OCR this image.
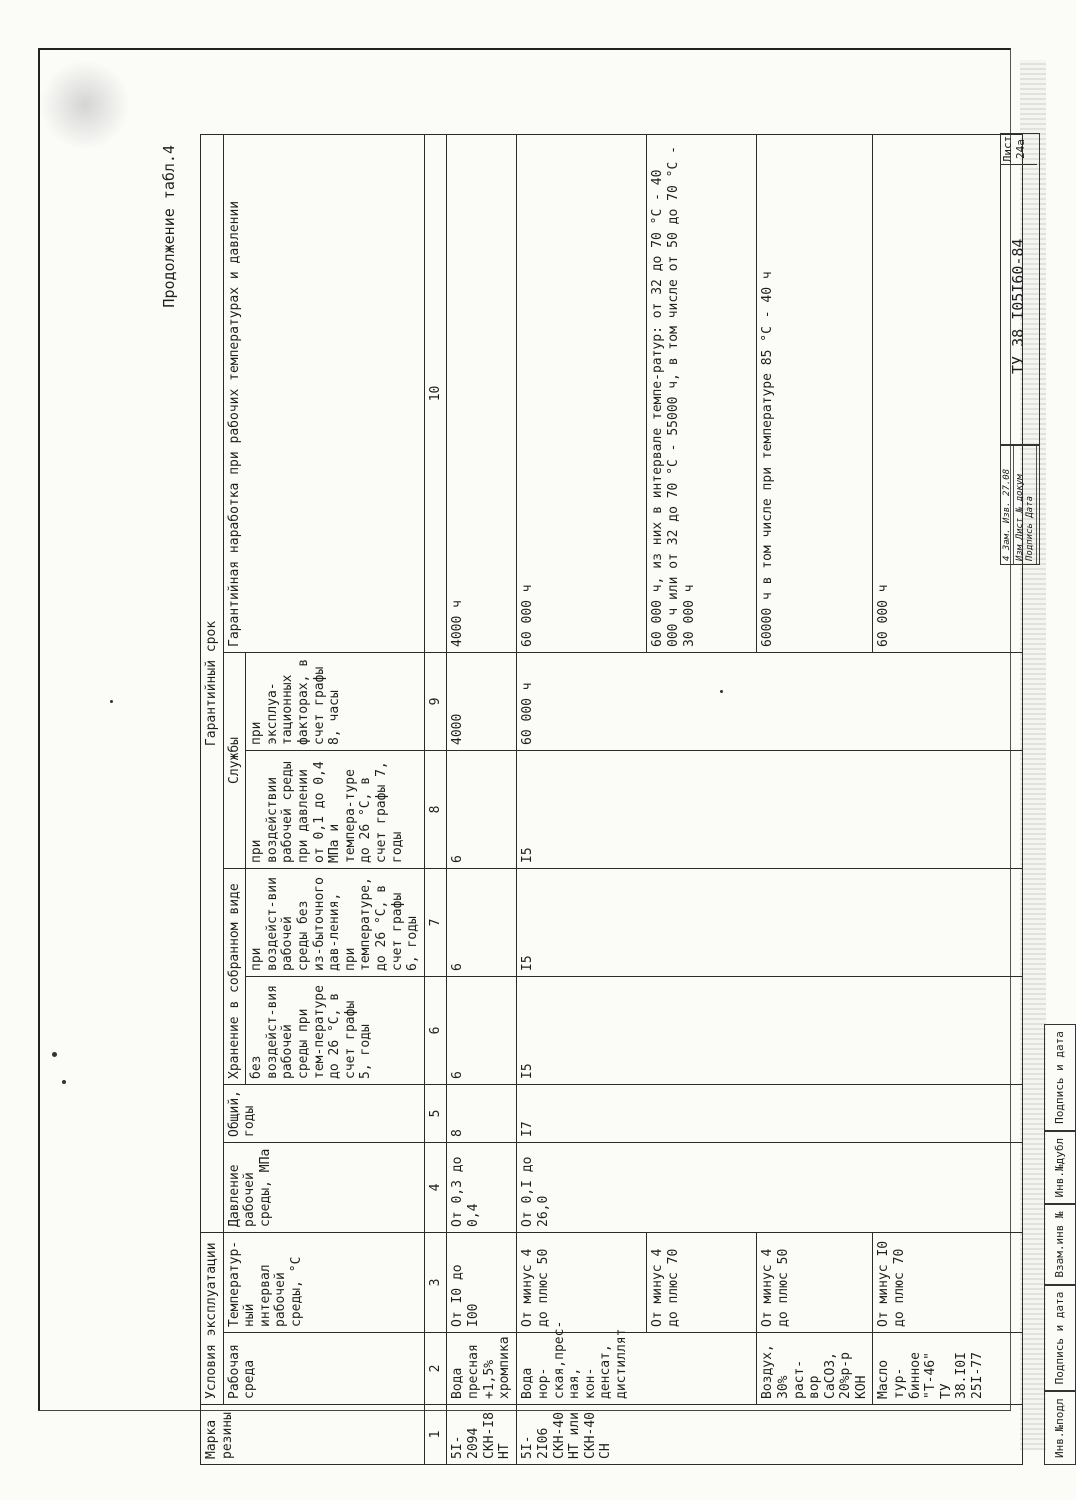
Продолжение табл.4
Марка резины	Условия эксплуатации		Гарантийный срок						
	Рабочая среда	Температур-ный интервал рабочей среды, °С	Давление рабочей среды, МПа	Общий, годы	Хранение в собранном виде		Службы		Гарантийная наработка при рабочих температурах и давлении
					без воздейст-вия рабочей среды при тем-пературе до 26 °С, в счет графы 5, годы	при воздейст-вии рабочей среды без из-быточного дав-ления, при температуре, до 26 °С, в счет графы 6, годы	при воздействии рабочей среды при давлении от 0,1 до 0,4 МПа и темпера-туре до 26 °С, в счет графы 7, годы	при эксплуа-тационных факторах, в счет графы 8, часы	
1	2	3	4	5	6	7	8	9	10
5I-2094 СКН-I8 НТ	Вода пресная +1,5% хромпика	От I0 до I00	От 0,3 до 0,4	8	6	6	6	4000	4000 ч
5I-2I06 СКН-40 НТ или СКН-40 СН	Вода нор-ская,прес-ная, кон-денсат, дистиллят	От минус 4 до плюс 50	От 0,I до 26,0	I7	I5	I5	I5	60 000 ч	60 000 ч
		От минус 4 до плюс 70							60 000 ч, из них в интервале темпе-ратур: от 32 до 70 °С - 40 000 ч или от 32 до 70 °С - 55000 ч, в том числе от 50 до 70 °С - 30 000 ч
	Воздух, 30% раст-вор CaCO3, 20%р-р КОН	От минус 4 до плюс 50							60000 ч в том числе при температуре 85 °С - 40 ч
	Масло тур-бинное "Т-46" ТУ 38.I0I 25I-77	От минус I0 до плюс 70							60 000 ч
4 Зам. Изв. 27.08 Изм Лист № докум Подпись Дата
ТУ 38 I05I60-84
Лист 24а
Инв.№подл
Подпись и дата
Взам.инв №
Инв.№дубл
Подпись и дата
